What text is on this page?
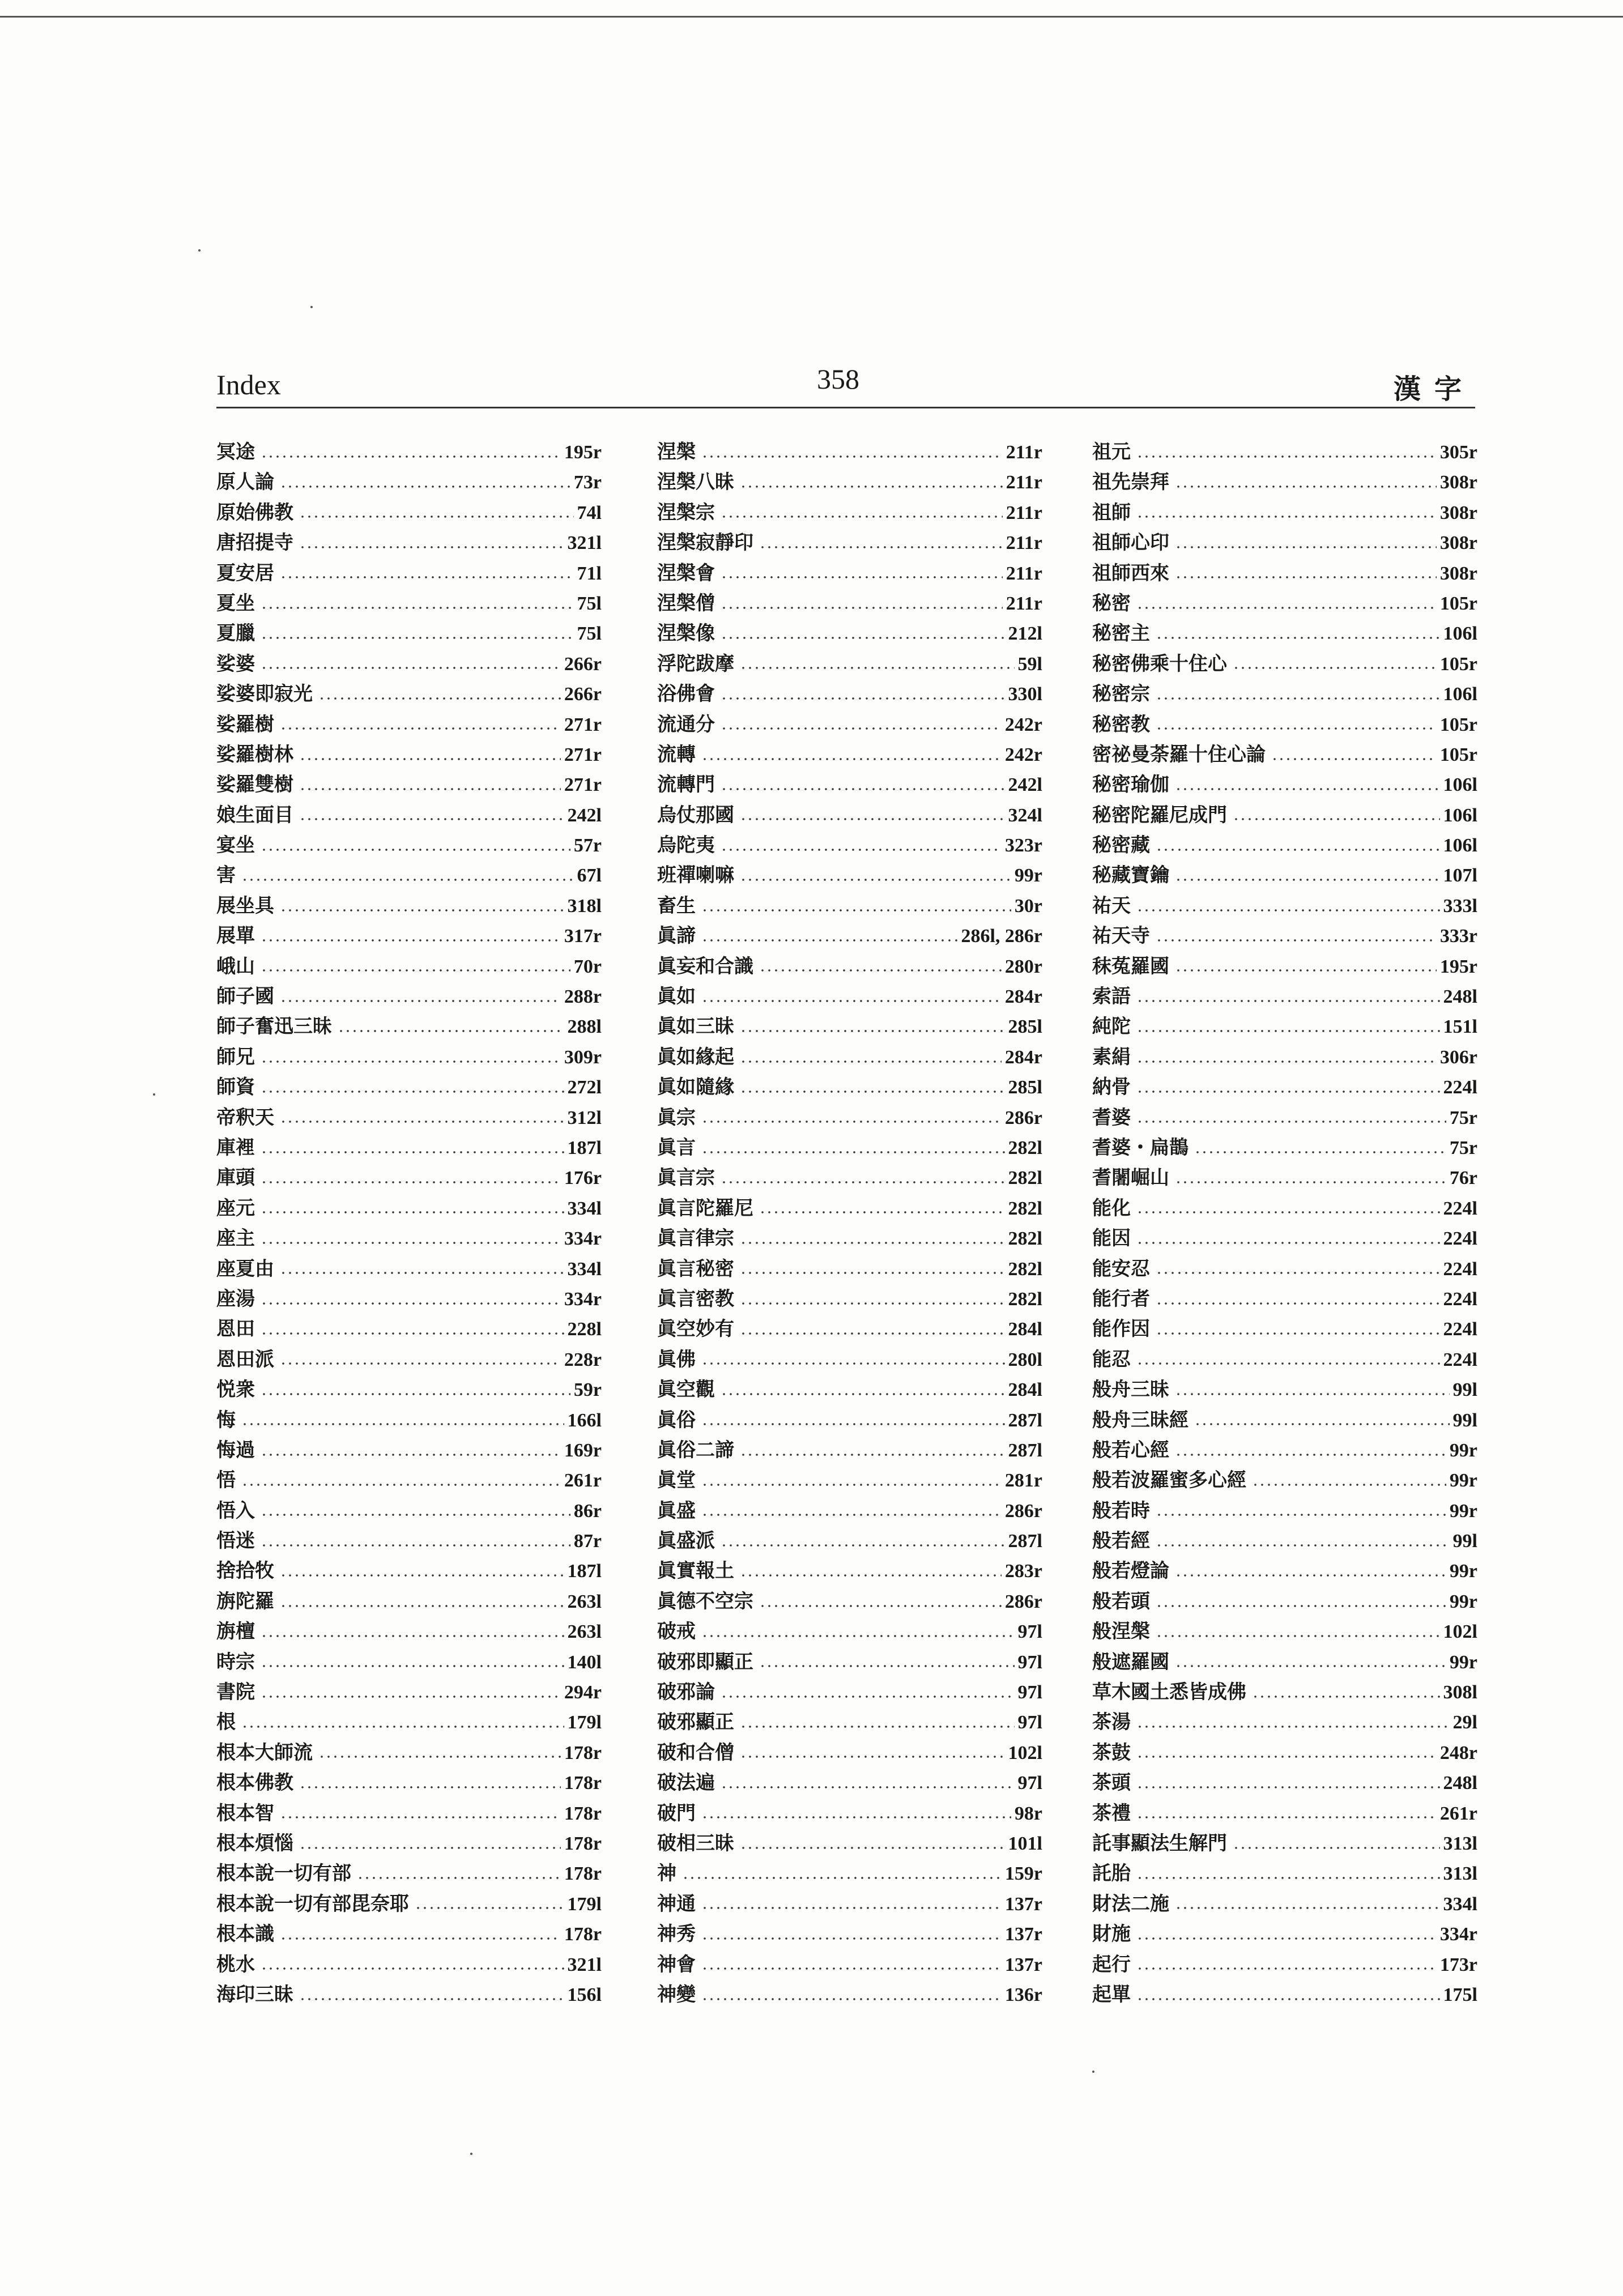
Index	358	漢字
冥途	195r
原人論	73r
原始佛教	74l
唐招提寺	321l
夏安居	71l
夏坐	75l
夏臘	75l
娑婆	266r
娑婆即寂光	266r
娑羅樹	271r
娑羅樹林	271r
娑羅雙樹	271r
娘生面目	242l
宴坐	57r
害	67l
展坐具	318l
展單	317r
峨山	70r
師子國	288r
師子奮迅三昧	288l
師兄	309r
師資	272l
帝釈天	312l
庫裡	187l
庫頭	176r
座元	334l
座主	334r
座夏由	334l
座湯	334r
恩田	228l
恩田派	228r
悦衆	59r
悔	166l
悔過	169r
悟	261r
悟入	86r
悟迷	87r
捨拾牧	187l
旃陀羅	263l
旃檀	263l
時宗	140l
書院	294r
根	179l
根本大師流	178r
根本佛教	178r
根本智	178r
根本煩惱	178r
根本說一切有部	178r
根本說一切有部毘奈耶	179l
根本識	178r
桃水	321l
海印三昧	156l
涅槃	211r
涅槃八昧	211r
涅槃宗	211r
涅槃寂靜印	211r
涅槃會	211r
涅槃僧	211r
涅槃像	212l
浮陀跋摩	59l
浴佛會	330l
流通分	242r
流轉	242r
流轉門	242l
烏仗那國	324l
烏陀夷	323r
班禪喇嘛	99r
畜生	30r
眞諦	286l, 286r
眞妄和合識	280r
眞如	284r
眞如三昧	285l
眞如緣起	284r
眞如隨緣	285l
眞宗	286r
眞言	282l
眞言宗	282l
眞言陀羅尼	282l
眞言律宗	282l
眞言秘密	282l
眞言密教	282l
眞空妙有	284l
眞佛	280l
眞空觀	284l
眞俗	287l
眞俗二諦	287l
眞堂	281r
眞盛	286r
眞盛派	287l
眞實報土	283r
眞德不空宗	286r
破戒	97l
破邪即顯正	97l
破邪論	97l
破邪顯正	97l
破和合僧	102l
破法遍	97l
破門	98r
破相三昧	101l
神	159r
神通	137r
神秀	137r
神會	137r
神變	136r
祖元	305r
祖先崇拜	308r
祖師	308r
祖師心印	308r
祖師西來	308r
秘密	105r
秘密主	106l
秘密佛乘十住心	105r
秘密宗	106l
秘密教	105r
密祕曼荼羅十住心論	105r
秘密瑜伽	106l
秘密陀羅尼成門	106l
秘密藏	106l
秘藏寶鑰	107l
祐天	333l
祐天寺	333r
秣菟羅國	195r
索語	248l
純陀	151l
素絹	306r
納骨	224l
耆婆	75r
耆婆・扁鵲	75r
耆闍崛山	76r
能化	224l
能因	224l
能安忍	224l
能行者	224l
能作因	224l
能忍	224l
般舟三昧	99l
般舟三昧經	99l
般若心經	99r
般若波羅蜜多心經	99r
般若時	99r
般若經	99l
般若燈論	99r
般若頭	99r
般涅槃	102l
般遮羅國	99r
草木國土悉皆成佛	308l
茶湯	29l
茶鼓	248r
茶頭	248l
茶禮	261r
託事顯法生解門	313l
託胎	313l
財法二施	334l
財施	334r
起行	173r
起單	175l
